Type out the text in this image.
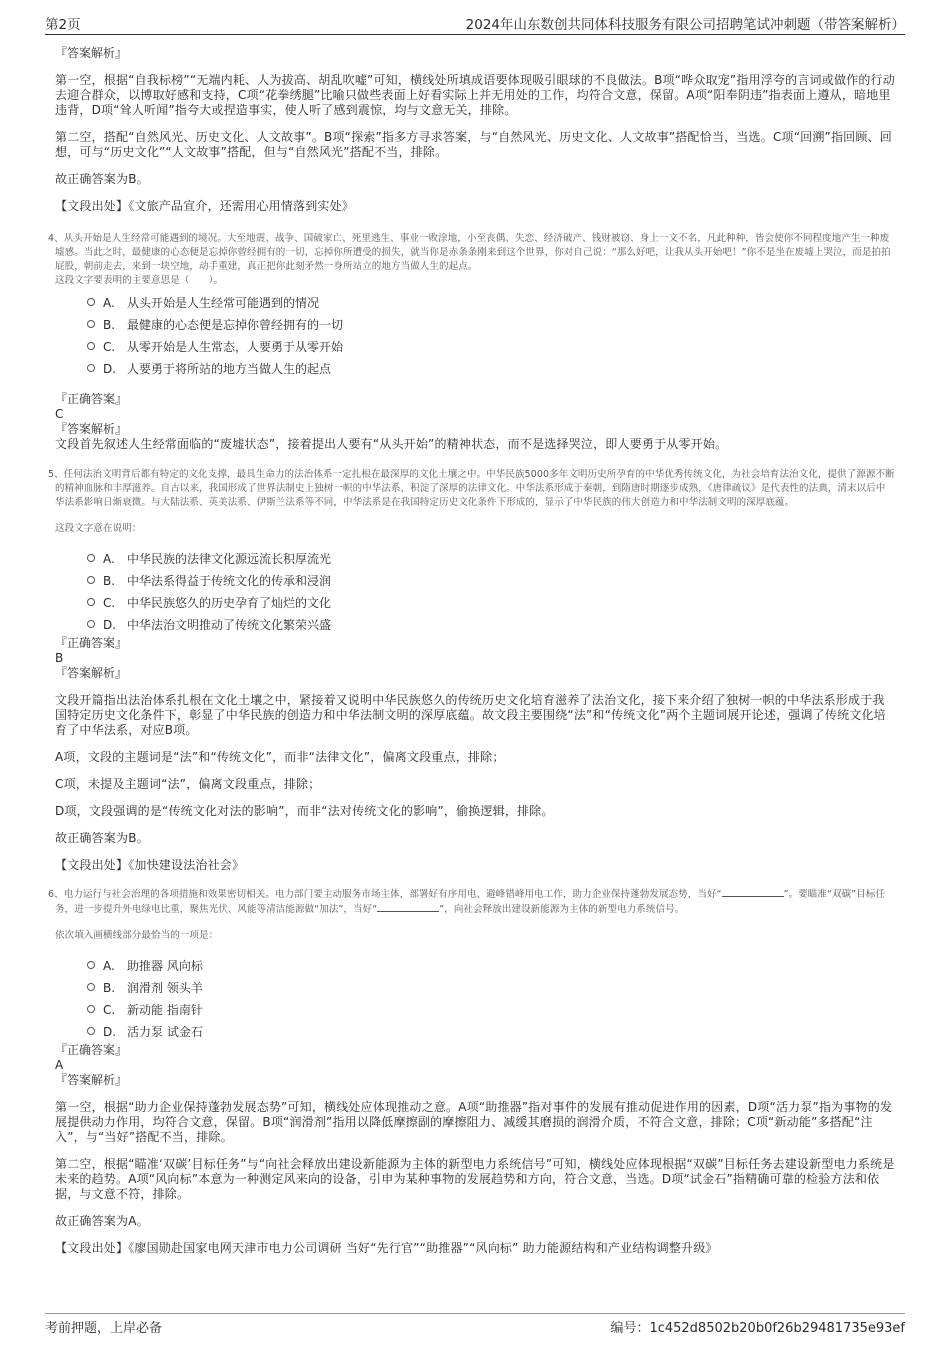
第2页	2024年山东数创共同体科技服务有限公司招聘笔试冲刺题（带答案解析）

『答案解析』

第一空，根据“自我标榜”“无端内耗、人为拔高、胡乱吹嘘”可知，横线处所填成语要体现吸引眼球的不良做法。B项“哗众取宠”指用浮夸的言词或做作的行动去迎合群众，以博取好感和支持，C项“花拳绣腿”比喻只做些表面上好看实际上并无用处的工作，均符合文意，保留。A项“阳奉阴违”指表面上遵从，暗地里违背，D项“耸人听闻”指夸大或捏造事实，使人听了感到震惊，均与文意无关，排除。

第二空，搭配“自然风光、历史文化、人文故事”。B项“探索”指多方寻求答案，与“自然风光、历史文化、人文故事”搭配恰当，当选。C项“回溯”指回顾、回想，可与“历史文化”“人文故事”搭配，但与“自然风光”搭配不当，排除。

故正确答案为B。

【文段出处】《文旅产品宣介，还需用心用情落到实处》

4、从头开始是人生经常可能遇到的境况。大至地震、战争、国破家亡、死里逃生、事业一败涂地，小至丧偶、失恋、经济破产、钱财被窃、身上一文不名，凡此种种，皆会使你不同程度地产生一种废墟感。当此之时，最健康的心态便是忘掉你曾经拥有的一切，忘掉你所遭受的损失，就当你是赤条条刚来到这个世界，你对自己说：“那么好吧，让我从头开始吧！”你不是坐在废墟上哭泣，而是拍拍屁股，朝前走去，来到一块空地，动手重建，真正把你此刻矛然一身所站立的地方当做人生的起点。

这段文字要表明的主要意思是（　　）。

A. 从头开始是人生经常可能遇到的情况
B. 最健康的心态便是忘掉你曾经拥有的一切
C. 从零开始是人生常态，人要勇于从零开始
D. 人要勇于将所站的地方当做人生的起点

『正确答案』

C

『答案解析』

文段首先叙述人生经常面临的“废墟状态”，接着提出人要有“从头开始”的精神状态，而不是选择哭泣，即人要勇于从零开始。

5、任何法治文明背后都有特定的文化支撑，最具生命力的法治体系一定扎根在最深厚的文化土壤之中。中华民族5000多年文明历史所孕育的中华优秀传统文化，为社会培育法治文化，提供了源源不断的精神血脉和丰厚滋养。自古以来，我国形成了世界法制史上独树一帜的中华法系，积淀了深厚的法律文化。中华法系形成于秦朝，到隋唐时期逐步成熟，《唐律疏议》是代表性的法典，清末以后中华法系影响日渐衰微。与大陆法系、英美法系、伊斯兰法系等不同，中华法系是在我国特定历史文化条件下形成的，显示了中华民族的伟大创造力和中华法制文明的深厚底蕴。

这段文字意在说明：

A. 中华民族的法律文化源远流长积厚流光
B. 中华法系得益于传统文化的传承和浸润
C. 中华民族悠久的历史孕育了灿烂的文化
D. 中华法治文明推动了传统文化繁荣兴盛

『正确答案』

B

『答案解析』

文段开篇指出法治体系扎根在文化土壤之中，紧接着又说明中华民族悠久的传统历史文化培育滋养了法治文化，接下来介绍了独树一帜的中华法系形成于我国特定历史文化条件下，彰显了中华民族的创造力和中华法制文明的深厚底蕴。故文段主要围绕“法”和“传统文化”两个主题词展开论述，强调了传统文化培育了中华法系，对应B项。

A项，文段的主题词是“法”和“传统文化”，而非“法律文化”，偏离文段重点，排除；

C项，未提及主题词“法”，偏离文段重点，排除；

D项，文段强调的是“传统文化对法的影响”，而非“法对传统文化的影响”，偷换逻辑，排除。

故正确答案为B。

【文段出处】《加快建设法治社会》

6、电力运行与社会治理的各项措施和效果密切相关。电力部门要主动服务市场主体，部署好有序用电、避峰错峰用电工作，助力企业保持蓬勃发展态势，当好“	”。要瞄准“双碳”目标任务，进一步提升外电绿电比重，聚焦光伏、风能等清洁能源做“加法”，当好“	”，向社会释放出建设新能源为主体的新型电力系统信号。

依次填入画横线部分最恰当的一项是：

A. 助推器 风向标
B. 润滑剂 领头羊
C. 新动能 指南针
D. 活力泵 试金石

『正确答案』

A

『答案解析』

第一空，根据“助力企业保持蓬勃发展态势”可知，横线处应体现推动之意。A项“助推器”指对事件的发展有推动促进作用的因素，D项“活力泵”指为事物的发展提供动力作用，均符合文意，保留。B项“润滑剂”指用以降低摩擦副的摩擦阻力、减缓其磨损的润滑介质，不符合文意，排除；C项“新动能”多搭配“注入”，与“当好”搭配不当，排除。

第二空，根据“瞄准‘双碳’目标任务”与“向社会释放出建设新能源为主体的新型电力系统信号”可知，横线处应体现根据“双碳”目标任务去建设新型电力系统是未来的趋势。A项“风向标”本意为一种测定风来向的设备，引申为某种事物的发展趋势和方向，符合文意，当选。D项“试金石”指精确可靠的检验方法和依据，与文意不符，排除。

故正确答案为A。

【文段出处】《廖国勋赴国家电网天津市电力公司调研 当好“先行官”“助推器”“风向标” 助力能源结构和产业结构调整升级》

考前押题，上岸必备	编号：1c452d8502b20b0f26b29481735e93ef
